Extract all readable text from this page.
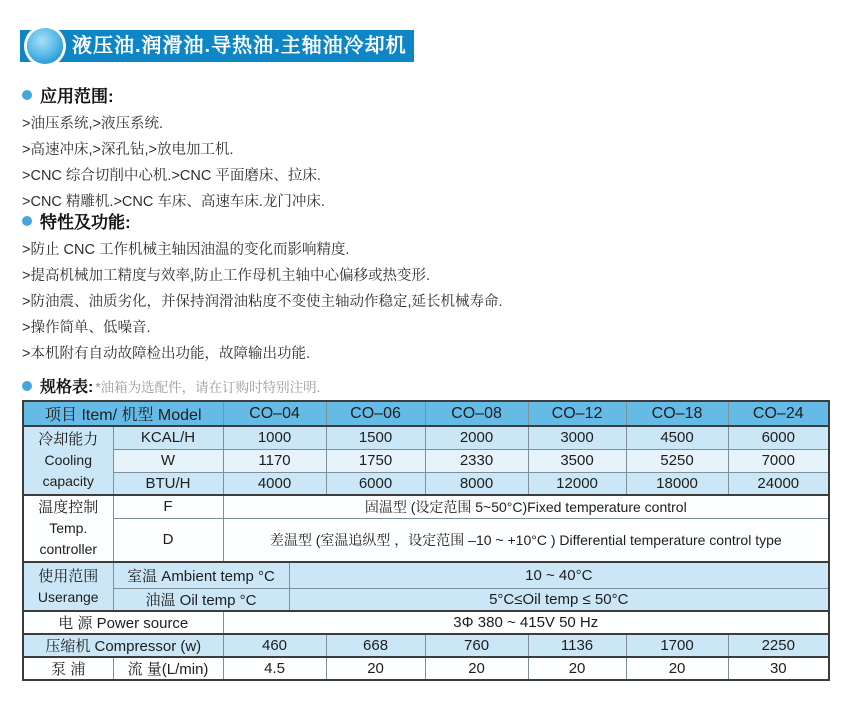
液压油.润滑油.导热油.主轴油冷却机

应用范围:

>油压系统,>液压系统.

>高速冲床,>深孔钻,>放电加工机.

>CNC 综合切削中心机.>CNC 平面磨床、拉床.

>CNC 精雕机.>CNC 车床、高速车床.龙门冲床.

特性及功能:

>防止 CNC 工作机械主轴因油温的变化而影响精度.

>提高机械加工精度与效率,防止工作母机主轴中心偏移或热变形.

>防油震、油质劣化，并保持润滑油粘度不变使主轴动作稳定,延长机械寿命.

>操作简单、低噪音.

>本机附有自动故障检出功能，故障输出功能.

规格表: *油箱为选配件，请在订购时特别注明.
项目 Item/ 机型 Model		CO–04		CO–06	CO–08	CO–12	CO–18	CO–24

冷却能力
Cooling
capacity	KCAL/H	1000		1500	2000	3000	4500	6000
	W	1170		1750	2330	3500	5250	7000
	BTU/H	4000		6000	8000	12000	18000	24000

温度控制
Temp.
controller	F	固温型 (设定范围 5~50°C)Fixed temperature control						
	D	差温型 (室温追纵型 ，设定范围 –10 ~ +10°C ) Differential temperature control type						

使用范围
Userange	室温 Ambient temp °C		10 ~ 40°C					
	油温 Oil temp °C		5°C≤Oil temp ≤ 50°C					
电 源 Power source		3Φ 380 ~ 415V 50 Hz						
压缩机 Compressor (w)		460		668	760	1136	1700	2250
泵 浦	流 量(L/min)	4.5		20	20	20	20	30
